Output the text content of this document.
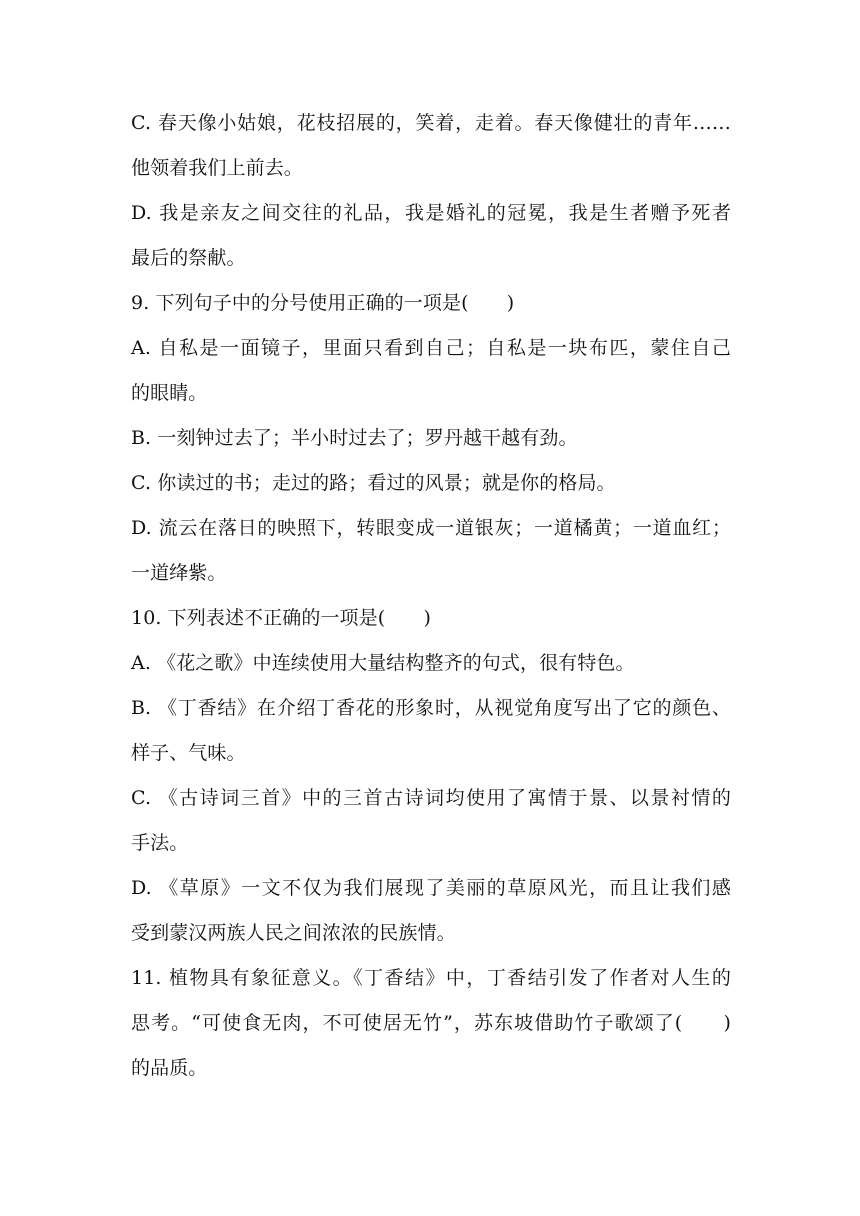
C. 春天像小姑娘，花枝招展的，笑着，走着。春天像健壮的青年……

他领着我们上前去。

D. 我是亲友之间交往的礼品，我是婚礼的冠冕，我是生者赠予死者

最后的祭献。

9. 下列句子中的分号使用正确的一项是(　　)

A. 自私是一面镜子，里面只看到自己；自私是一块布匹，蒙住自己

的眼睛。

B. 一刻钟过去了；半小时过去了；罗丹越干越有劲。

C. 你读过的书；走过的路；看过的风景；就是你的格局。

D. 流云在落日的映照下，转眼变成一道银灰；一道橘黄；一道血红；

一道绛紫。

10. 下列表述不正确的一项是(　　)

A. 《花之歌》中连续使用大量结构整齐的句式，很有特色。

B. 《丁香结》在介绍丁香花的形象时，从视觉角度写出了它的颜色、

样子、气味。

C. 《古诗词三首》中的三首古诗词均使用了寓情于景、以景衬情的

手法。

D. 《草原》一文不仅为我们展现了美丽的草原风光，而且让我们感

受到蒙汉两族人民之间浓浓的民族情。

11. 植物具有象征意义。《丁香结》中，丁香结引发了作者对人生的

思考。“可使食无肉，不可使居无竹”，苏东坡借助竹子歌颂了(　　)

的品质。
